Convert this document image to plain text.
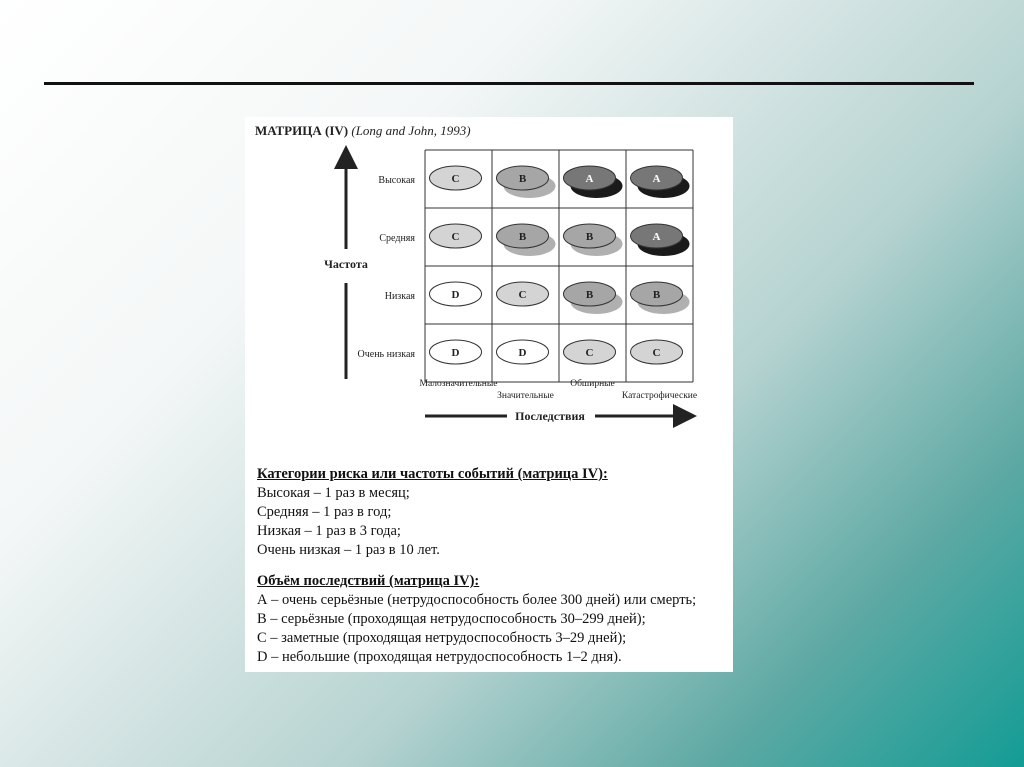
МАТРИЦА (IV) (Long and John, 1993)
Частота
Последствия
Высокая
Средняя
Низкая
Очень низкая
Малозначительные
Значительные
Обширные
Катастрофические
C	B	A	A
C	B	B	A
D	C	B	B
D	D	C	C
Категории риска или частоты событий (матрица IV):
Высокая – 1 раз в месяц;
Средняя – 1 раз в год;
Низкая – 1 раз в 3 года;
Очень низкая – 1 раз в 10 лет.
Объём последствий (матрица IV):
А – очень серьёзные (нетрудоспособность более 300 дней) или смерть;
В – серьёзные (проходящая нетрудоспособность 30–299 дней);
С – заметные (проходящая нетрудоспособность 3–29 дней);
D – небольшие (проходящая нетрудоспособность 1–2 дня).
